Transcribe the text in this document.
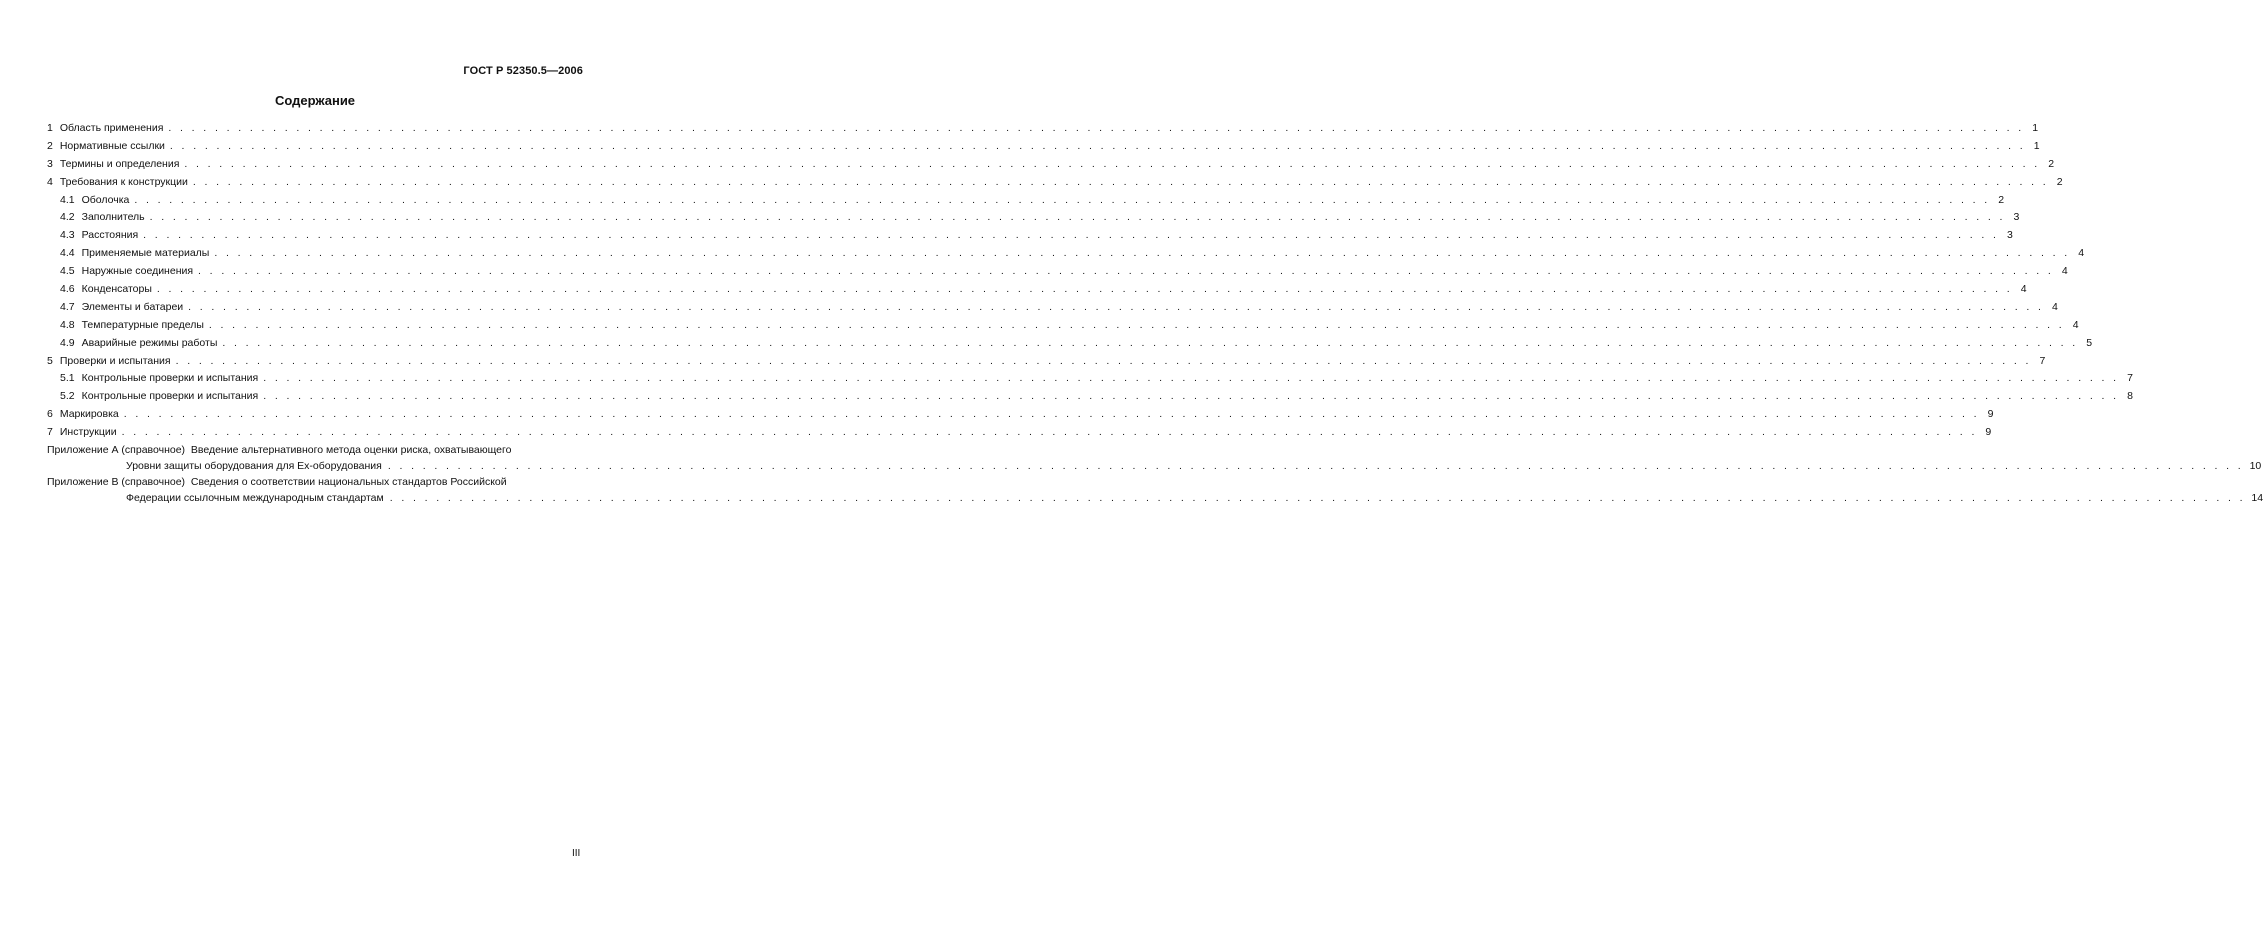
ГОСТ Р 52350.5—2006
Содержание
1 Область применения . . . . . . . . . . . . . . . . . . . . . . . . . . . . . . . . . . . . . . . . . . . . . . . . . . . . . . . . . . . . . . . . . . . . . . . . . . . . . . . . . . . . . . . . . . . . . . . . . . . . . . . . . . . . . . . . . . . . . . . . . . . . . . . . . . . . . . . . . . . . . . . . . . . . . . . . . . . . . . . . 1
2 Нормативные ссылки . . . . . . . . . . . . . . . . . . . . . . . . . . . . . . . . . . . . . . . . . . . . . . . . . . . . . . . . . . . . . . . . . . . . . . . . . . . . . . . . . . . . . . . . . . . . . . . . . . . . . . . . . . . . . . . . . . . . . . . . . . . . . . . . . . . . . . . . . . . . . . . . . . . . . . . . . . . . . . . . 1
3 Термины и определения . . . . . . . . . . . . . . . . . . . . . . . . . . . . . . . . . . . . . . . . . . . . . . . . . . . . . . . . . . . . . . . . . . . . . . . . . . . . . . . . . . . . . . . . . . . . . . . . . . . . . . . . . . . . . . . . . . . . . . . . . . . . . . . . . . . . . . . . . . . . . . . . . . . . . . . . . . . . . . . . 2
4 Требования к конструкции . . . . . . . . . . . . . . . . . . . . . . . . . . . . . . . . . . . . . . . . . . . . . . . . . . . . . . . . . . . . . . . . . . . . . . . . . . . . . . . . . . . . . . . . . . . . . . . . . . . . . . . . . . . . . . . . . . . . . . . . . . . . . . . . . . . . . . . . . . . . . . . . . . . . . . . . . . . . . . . . 2
4.1 Оболочка . . . . . . . . . . . . . . . . . . . . . . . . . . . . . . . . . . . . . . . . . . . . . . . . . . . . . . . . . . . . . . . . . . . . . . . . . . . . . . . . . . . . . . . . . . . . . . . . . . . . . . . . . . . . . . . . . . . . . . . . . . . . . . . . . . . . . . . . . . . . . . . . . . . . . . . . . . . . . . . . 2
4.2 Заполнитель . . . . . . . . . . . . . . . . . . . . . . . . . . . . . . . . . . . . . . . . . . . . . . . . . . . . . . . . . . . . . . . . . . . . . . . . . . . . . . . . . . . . . . . . . . . . . . . . . . . . . . . . . . . . . . . . . . . . . . . . . . . . . . . . . . . . . . . . . . . . . . . . . . . . . . . . . . . . . . . . 3
4.3 Расстояния . . . . . . . . . . . . . . . . . . . . . . . . . . . . . . . . . . . . . . . . . . . . . . . . . . . . . . . . . . . . . . . . . . . . . . . . . . . . . . . . . . . . . . . . . . . . . . . . . . . . . . . . . . . . . . . . . . . . . . . . . . . . . . . . . . . . . . . . . . . . . . . . . . . . . . . . . . . . . . . . 3
4.4 Применяемые материалы . . . . . . . . . . . . . . . . . . . . . . . . . . . . . . . . . . . . . . . . . . . . . . . . . . . . . . . . . . . . . . . . . . . . . . . . . . . . . . . . . . . . . . . . . . . . . . . . . . . . . . . . . . . . . . . . . . . . . . . . . . . . . . . . . . . . . . . . . . . . . . . . . . . . . . . . . . . . . . . . 4
4.5 Наружные соединения . . . . . . . . . . . . . . . . . . . . . . . . . . . . . . . . . . . . . . . . . . . . . . . . . . . . . . . . . . . . . . . . . . . . . . . . . . . . . . . . . . . . . . . . . . . . . . . . . . . . . . . . . . . . . . . . . . . . . . . . . . . . . . . . . . . . . . . . . . . . . . . . . . . . . . . . . . . . . . . . 4
4.6 Конденсаторы . . . . . . . . . . . . . . . . . . . . . . . . . . . . . . . . . . . . . . . . . . . . . . . . . . . . . . . . . . . . . . . . . . . . . . . . . . . . . . . . . . . . . . . . . . . . . . . . . . . . . . . . . . . . . . . . . . . . . . . . . . . . . . . . . . . . . . . . . . . . . . . . . . . . . . . . . . . . . . . . 4
4.7 Элементы и батареи . . . . . . . . . . . . . . . . . . . . . . . . . . . . . . . . . . . . . . . . . . . . . . . . . . . . . . . . . . . . . . . . . . . . . . . . . . . . . . . . . . . . . . . . . . . . . . . . . . . . . . . . . . . . . . . . . . . . . . . . . . . . . . . . . . . . . . . . . . . . . . . . . . . . . . . . . . . . . . . . 4
4.8 Температурные пределы . . . . . . . . . . . . . . . . . . . . . . . . . . . . . . . . . . . . . . . . . . . . . . . . . . . . . . . . . . . . . . . . . . . . . . . . . . . . . . . . . . . . . . . . . . . . . . . . . . . . . . . . . . . . . . . . . . . . . . . . . . . . . . . . . . . . . . . . . . . . . . . . . . . . . . . . . . . . . . . . 4
4.9 Аварийные режимы работы . . . . . . . . . . . . . . . . . . . . . . . . . . . . . . . . . . . . . . . . . . . . . . . . . . . . . . . . . . . . . . . . . . . . . . . . . . . . . . . . . . . . . . . . . . . . . . . . . . . . . . . . . . . . . . . . . . . . . . . . . . . . . . . . . . . . . . . . . . . . . . . . . . . . . . . . . . . . . . . . 5
5 Проверки и испытания . . . . . . . . . . . . . . . . . . . . . . . . . . . . . . . . . . . . . . . . . . . . . . . . . . . . . . . . . . . . . . . . . . . . . . . . . . . . . . . . . . . . . . . . . . . . . . . . . . . . . . . . . . . . . . . . . . . . . . . . . . . . . . . . . . . . . . . . . . . . . . . . . . . . . . . . . . . . . . . . 7
5.1 Контрольные проверки и испытания . . . . . . . . . . . . . . . . . . . . . . . . . . . . . . . . . . . . . . . . . . . . . . . . . . . . . . . . . . . . . . . . . . . . . . . . . . . . . . . . . . . . . . . . . . . . . . . . . . . . . . . . . . . . . . . . . . . . . . . . . . . . . . . . . . . . . . . . . . . . . . . . . . . . . . . . . . . . . . . . 7
5.2 Контрольные проверки и испытания . . . . . . . . . . . . . . . . . . . . . . . . . . . . . . . . . . . . . . . . . . . . . . . . . . . . . . . . . . . . . . . . . . . . . . . . . . . . . . . . . . . . . . . . . . . . . . . . . . . . . . . . . . . . . . . . . . . . . . . . . . . . . . . . . . . . . . . . . . . . . . . . . . . . . . . . . . . . . . . . 8
6 Маркировка . . . . . . . . . . . . . . . . . . . . . . . . . . . . . . . . . . . . . . . . . . . . . . . . . . . . . . . . . . . . . . . . . . . . . . . . . . . . . . . . . . . . . . . . . . . . . . . . . . . . . . . . . . . . . . . . . . . . . . . . . . . . . . . . . . . . . . . . . . . . . . . . . . . . . . . . . . . . . . . . 9
7 Инструкции . . . . . . . . . . . . . . . . . . . . . . . . . . . . . . . . . . . . . . . . . . . . . . . . . . . . . . . . . . . . . . . . . . . . . . . . . . . . . . . . . . . . . . . . . . . . . . . . . . . . . . . . . . . . . . . . . . . . . . . . . . . . . . . . . . . . . . . . . . . . . . . . . . . . . . . . . . . . . . . . 9
Приложение А (справочное)  Введение альтернативного метода оценки риска, охватывающего
Уровни защиты оборудования для Ex-оборудования . . . . . . . . . . . . . . . . . . . . . . . . . . . . . . . . . . . . . . . . . . . . . . . . . . . . . . . . . . . . . . . . . . . . . . . . . . . . . . . . . . . . . . . . . . . . . . . . . . . . . . . . . . . . . . . . . . . . . . . . . . . . . . . . . . . . . . . . . . . . . . . . . . . . . . . . . . . . . . . . 10
Приложение В (справочное)  Сведения о соответствии национальных стандартов Российской
Федерации ссылочным международным стандартам . . . . . . . . . . . . . . . . . . . . . . . . . . . . . . . . . . . . . . . . . . . . . . . . . . . . . . . . . . . . . . . . . . . . . . . . . . . . . . . . . . . . . . . . . . . . . . . . . . . . . . . . . . . . . . . . . . . . . . . . . . . . . . . . . . . . . . . . . . . . . . . . . . . . . . . . . . . . . . . . 14
III
